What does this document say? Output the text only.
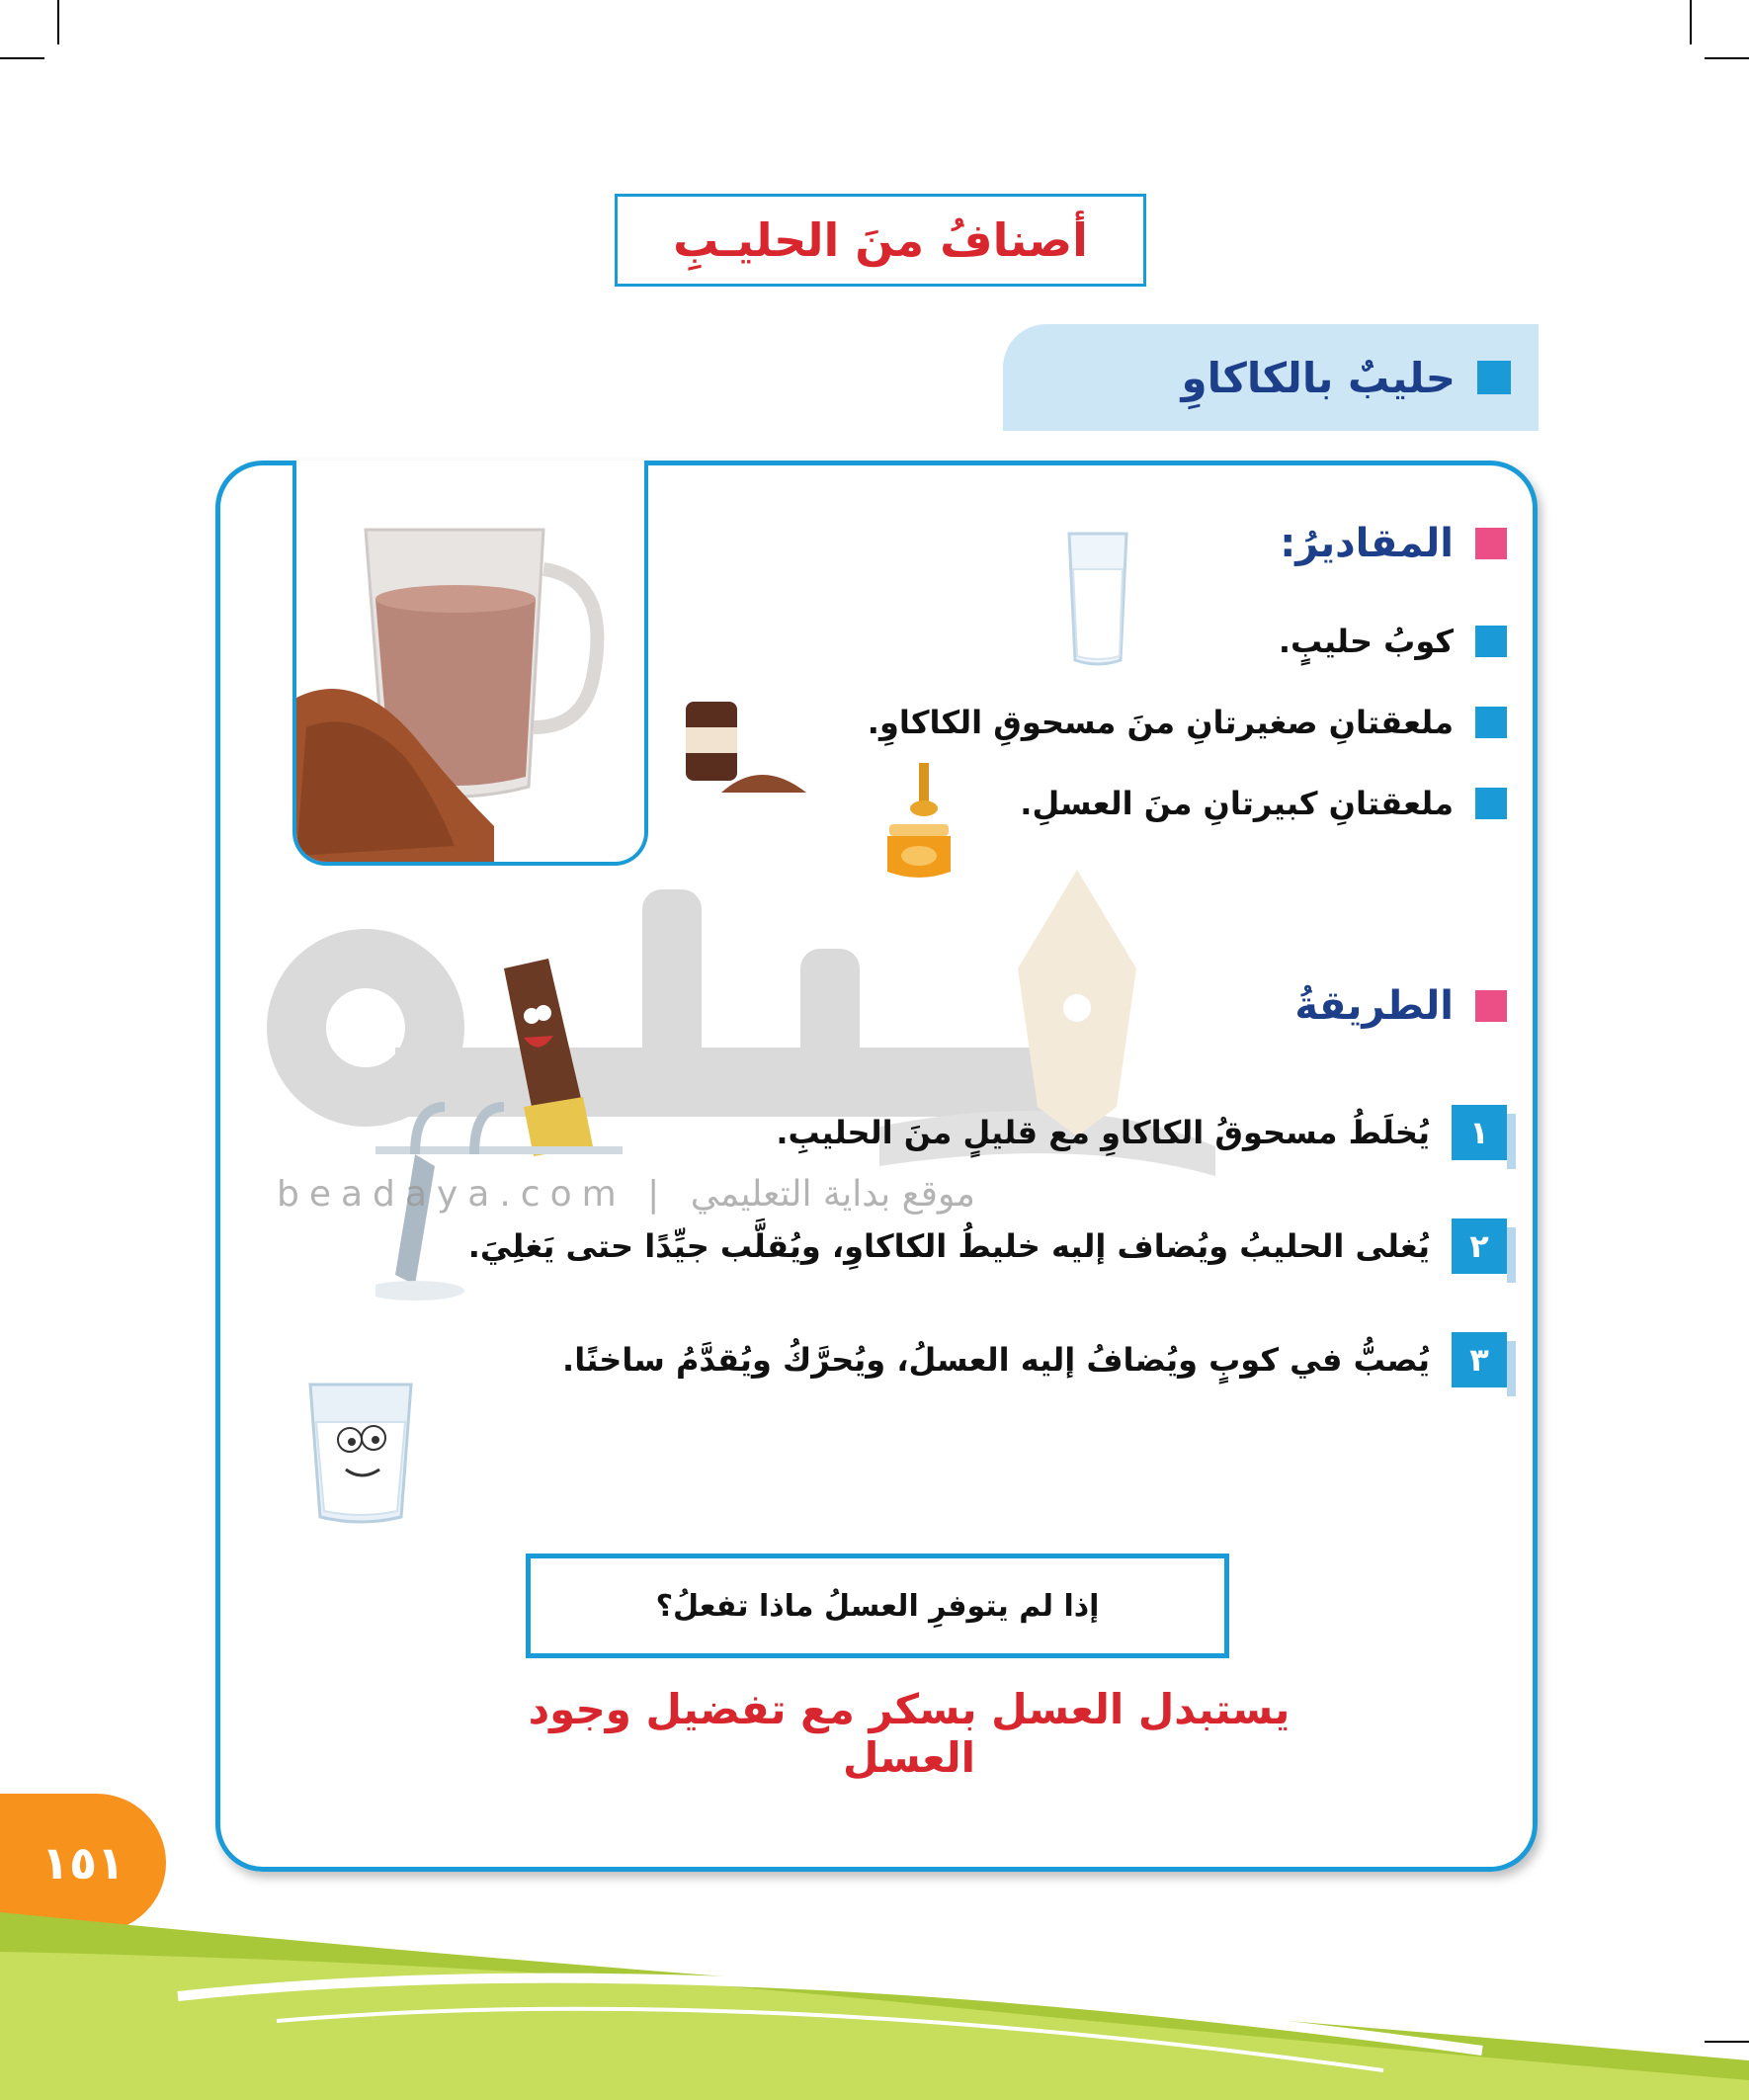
أصنافُ منَ الحليـبِ
حليبٌ بالكاكاوِ
المقاديرُ:
كوبُ حليبٍ.
ملعقتانِ صغيرتانِ منَ مسحوقِ الكاكاوِ.
ملعقتانِ كبيرتانِ منَ العسلِ.
الطريقةُ
١
يُخلَطُ مسحوقُ الكاكاوِ مع قليلٍ منَ الحليبِ.
٢
يُغلى الحليبُ ويُضاف إليه خليطُ الكاكاوِ، ويُقلَّب جيِّدًا حتى يَغلِيَ.
٣
يُصبُّ في كوبٍ ويُضافُ إليه العسلُ، ويُحرَّكُ ويُقدَّمُ ساخنًا.
beadaya.com | موقع بداية التعليمي
إذا لم يتوفرِ العسلُ ماذا تفعلُ؟
يستبدل العسل بسكر مع تفضيل وجود العسل
١٥١
